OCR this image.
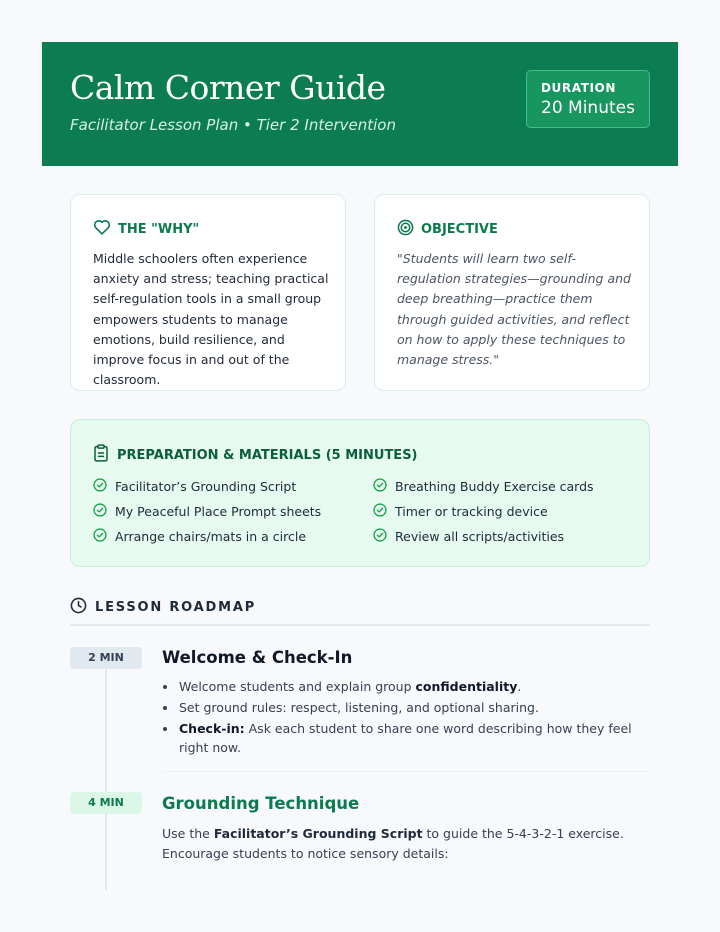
Calm Corner Guide
Facilitator Lesson Plan • Tier 2 Intervention
DURATION
20 Minutes
THE "WHY"
Middle schoolers often experience anxiety and stress; teaching practical self-regulation tools in a small group empowers students to manage emotions, build resilience, and improve focus in and out of the classroom.
OBJECTIVE
"Students will learn two self-regulation strategies—grounding and deep breathing—practice them through guided activities, and reflect on how to apply these techniques to manage stress."
PREPARATION & MATERIALS (5 MINUTES)
Facilitator’s Grounding Script	Breathing Buddy Exercise cards
My Peaceful Place Prompt sheets	Timer or tracking device
Arrange chairs/mats in a circle	Review all scripts/activities
LESSON ROADMAP
2 MIN	Welcome & Check-In
Welcome students and explain group confidentiality.
Set ground rules: respect, listening, and optional sharing.
Check-in: Ask each student to share one word describing how they feel right now.
4 MIN	Grounding Technique
Use the Facilitator’s Grounding Script to guide the 5-4-3-2-1 exercise. Encourage students to notice sensory details:
